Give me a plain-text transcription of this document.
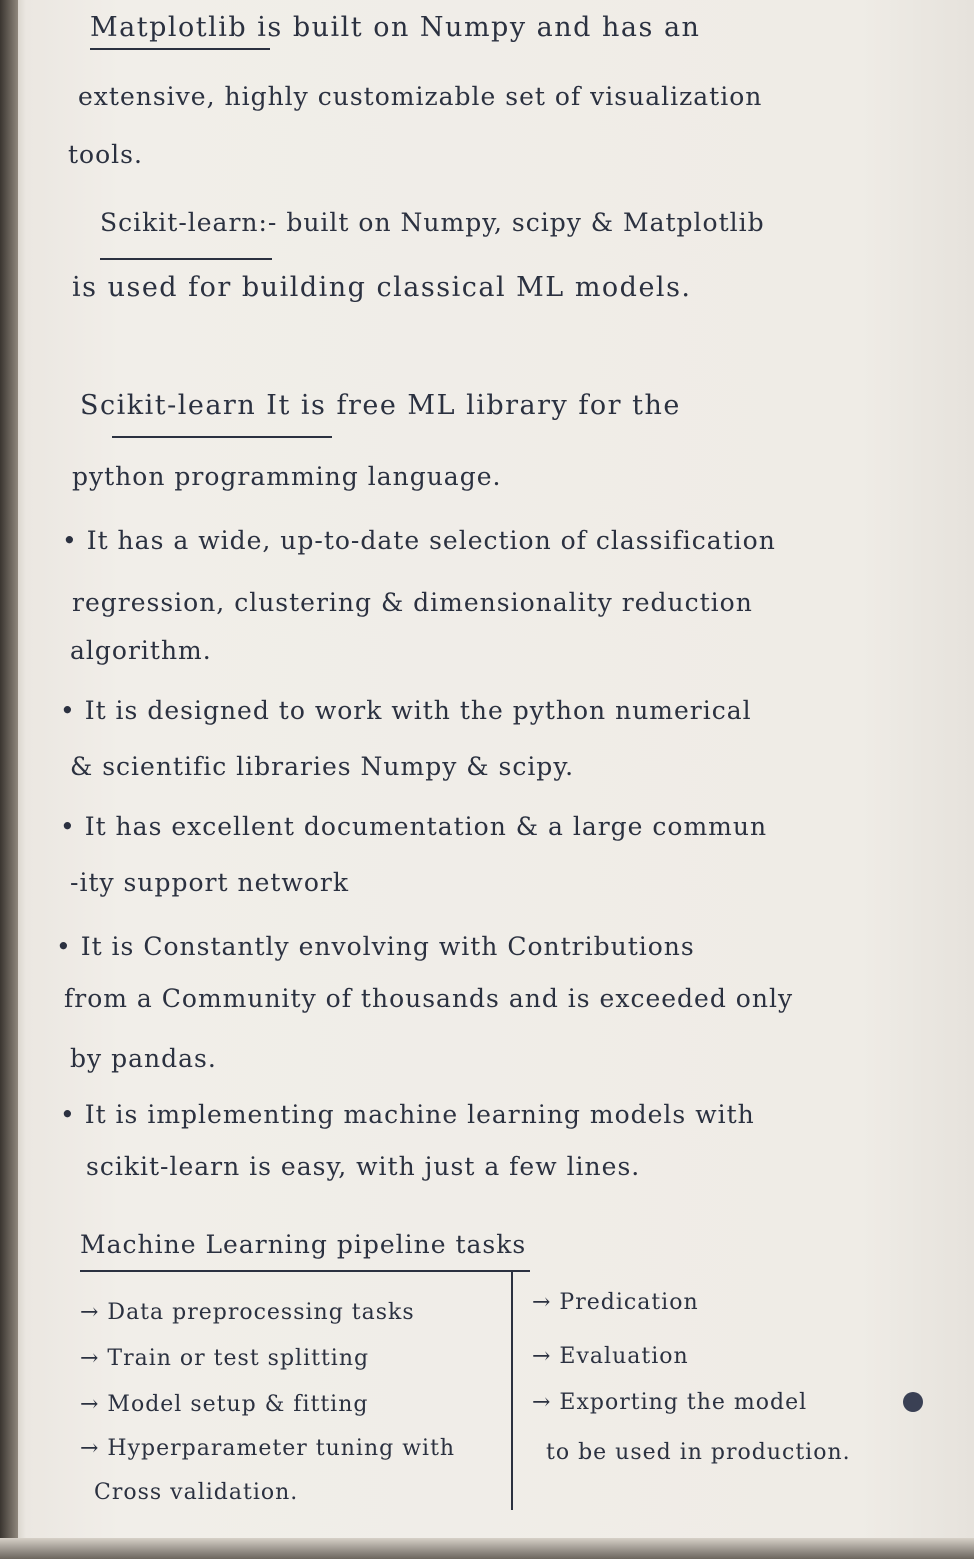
Matplotlib is built on Numpy and has an

extensive, highly customizable set of visualization

tools.

Scikit-learn:- built on Numpy, scipy & Matplotlib

is used for building classical ML models.

Scikit-learn It is free ML library for the

python programming language.

• It has a wide, up-to-date selection of classification

regression, clustering & dimensionality reduction

algorithm.

• It is designed to work with the python numerical

& scientific libraries Numpy & scipy.

• It has excellent documentation & a large commun

-ity support network

• It is Constantly envolving with Contributions

from a Community of thousands and is exceeded only

by pandas.

• It is implementing machine learning models with

scikit-learn is easy, with just a few lines.

Machine Learning pipeline tasks

→ Data preprocessing tasks

→ Train or test splitting

→ Model setup & fitting

→ Hyperparameter tuning with

Cross validation.

→ Predication

→ Evaluation

→ Exporting the model

to be used in production.
